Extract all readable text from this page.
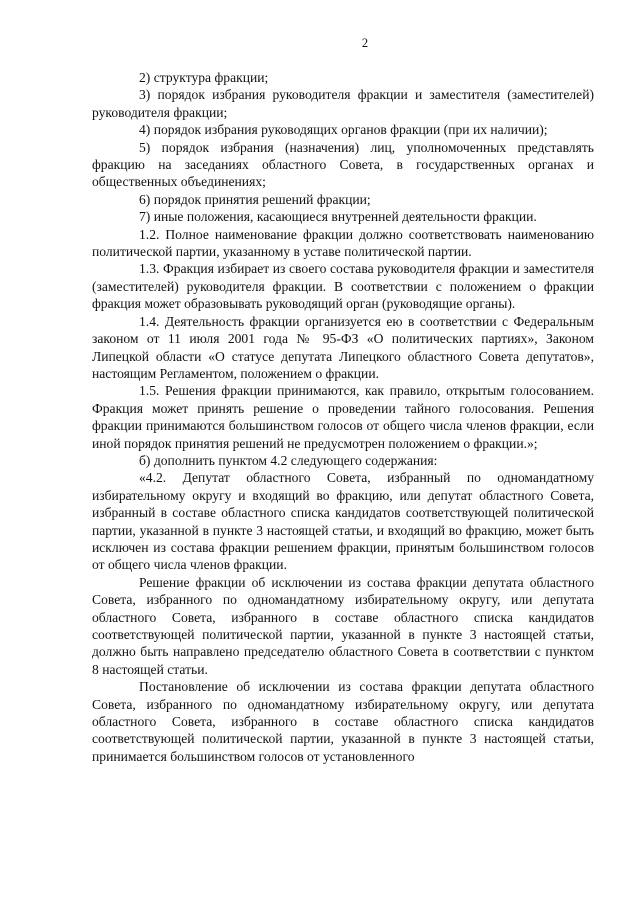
2

2) структура фракции;

3) порядок избрания руководителя фракции и заместителя (заместителей) руководителя фракции;

4) порядок избрания руководящих органов фракции (при их наличии);

5) порядок избрания (назначения) лиц, уполномоченных представлять фракцию на заседаниях областного Совета, в государственных органах и общественных объединениях;

6) порядок принятия решений фракции;

7) иные положения, касающиеся внутренней деятельности фракции.

1.2. Полное наименование фракции должно соответствовать наименованию политической партии, указанному в уставе политической партии.

1.3. Фракция избирает из своего состава руководителя фракции и заместителя (заместителей) руководителя фракции. В соответствии с положением о фракции фракция может образовывать руководящий орган (руководящие органы).

1.4. Деятельность фракции организуется ею в соответствии с Федеральным законом от 11 июля 2001 года № 95-ФЗ «О политических партиях», Законом Липецкой области «О статусе депутата Липецкого областного Совета депутатов», настоящим Регламентом, положением о фракции.

1.5. Решения фракции принимаются, как правило, открытым голосованием. Фракция может принять решение о проведении тайного голосования. Решения фракции принимаются большинством голосов от общего числа членов фракции, если иной порядок принятия решений не предусмотрен положением о фракции.»;

б) дополнить пунктом 4.2 следующего содержания:

«4.2. Депутат областного Совета, избранный по одномандатному избирательному округу и входящий во фракцию, или депутат областного Совета, избранный в составе областного списка кандидатов соответствующей политической партии, указанной в пункте 3 настоящей статьи, и входящий во фракцию, может быть исключен из состава фракции решением фракции, принятым большинством голосов от общего числа членов фракции.

Решение фракции об исключении из состава фракции депутата областного Совета, избранного по одномандатному избирательному округу, или депутата областного Совета, избранного в составе областного списка кандидатов соответствующей политической партии, указанной в пункте 3 настоящей статьи, должно быть направлено председателю областного Совета в соответствии с пунктом 8 настоящей статьи.

Постановление об исключении из состава фракции депутата областного Совета, избранного по одномандатному избирательному округу, или депутата областного Совета, избранного в составе областного списка кандидатов соответствующей политической партии, указанной в пункте 3 настоящей статьи, принимается большинством голосов от установленного
